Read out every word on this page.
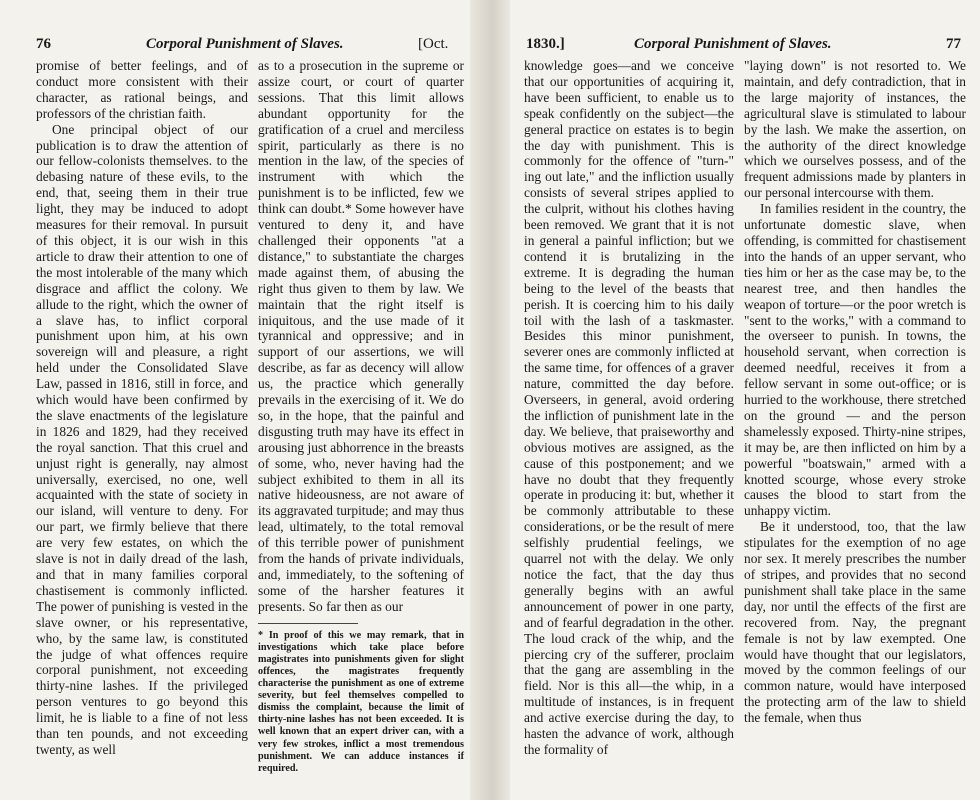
76	Corporal Punishment of Slaves.	[Oct.

promise of better feelings, and of conduct more consistent with their character, as rational beings, and professors of the christian faith.

One principal object of our publication is to draw the attention of our fellow-colonists themselves. to the debasing nature of these evils, to the end, that, seeing them in their true light, they may be induced to adopt measures for their removal. In pursuit of this object, it is our wish in this article to draw their attention to one of the most intolerable of the many which disgrace and afflict the colony. We allude to the right, which the owner of a slave has, to inflict corporal punishment upon him, at his own sovereign will and pleasure, a right held under the Consolidated Slave Law, passed in 1816, still in force, and which would have been confirmed by the slave enactments of the legislature in 1826 and 1829, had they received the royal sanction. That this cruel and unjust right is generally, nay almost universally, exercised, no one, well acquainted with the state of society in our island, will venture to deny. For our part, we firmly believe that there are very few estates, on which the slave is not in daily dread of the lash, and that in many families corporal chastisement is commonly inflicted. The power of punishing is vested in the slave owner, or his representative, who, by the same law, is constituted the judge of what offences require corporal punishment, not exceeding thirty-nine lashes. If the privileged person ventures to go beyond this limit, he is liable to a fine of not less than ten pounds, and not exceeding twenty, as well

as to a prosecution in the supreme or assize court, or court of quarter sessions. That this limit allows abundant opportunity for the gratification of a cruel and merciless spirit, particularly as there is no mention in the law, of the species of instrument with which the punishment is to be inflicted, few we think can doubt.* Some however have ventured to deny it, and have challenged their opponents "at a distance," to substantiate the charges made against them, of abusing the right thus given to them by law. We maintain that the right itself is iniquitous, and the use made of it tyrannical and oppressive; and in support of our assertions, we will describe, as far as decency will allow us, the practice which generally prevails in the exercising of it. We do so, in the hope, that the painful and disgusting truth may have its effect in arousing just abhorrence in the breasts of some, who, never having had the subject exhibited to them in all its native hideousness, are not aware of its aggravated turpitude; and may thus lead, ultimately, to the total removal of this terrible power of punishment from the hands of private individuals, and, immediately, to the softening of some of the harsher features it presents. So far then as our

* In proof of this we may remark, that in investigations which take place before magistrates into punishments given for slight offences, the magistrates frequently characterise the punishment as one of extreme severity, but feel themselves compelled to dismiss the complaint, because the limit of thirty-nine lashes has not been exceeded. It is well known that an expert driver can, with a very few strokes, inflict a most tremendous punishment. We can adduce instances if required.

1830.]	Corporal Punishment of Slaves.	77

knowledge goes—and we conceive that our opportunities of acquiring it, have been sufficient, to enable us to speak confidently on the subject—the general practice on estates is to begin the day with punishment. This is commonly for the offence of "turn-" ing out late," and the infliction usually consists of several stripes applied to the culprit, without his clothes having been removed. We grant that it is not in general a painful infliction; but we contend it is brutalizing in the extreme. It is degrading the human being to the level of the beasts that perish. It is coercing him to his daily toil with the lash of a taskmaster. Besides this minor punishment, severer ones are commonly inflicted at the same time, for offences of a graver nature, committed the day before. Overseers, in general, avoid ordering the infliction of punishment late in the day. We believe, that praiseworthy and obvious motives are assigned, as the cause of this postponement; and we have no doubt that they frequently operate in producing it: but, whether it be commonly attributable to these considerations, or be the result of mere selfishly prudential feelings, we quarrel not with the delay. We only notice the fact, that the day thus generally begins with an awful announcement of power in one party, and of fearful degradation in the other. The loud crack of the whip, and the piercing cry of the sufferer, proclaim that the gang are assembling in the field. Nor is this all—the whip, in a multitude of instances, is in frequent and active exercise during the day, to hasten the advance of work, although the formality of

"laying down" is not resorted to. We maintain, and defy contradiction, that in the large majority of instances, the agricultural slave is stimulated to labour by the lash. We make the assertion, on the authority of the direct knowledge which we ourselves possess, and of the frequent admissions made by planters in our personal intercourse with them.

In families resident in the country, the unfortunate domestic slave, when offending, is committed for chastisement into the hands of an upper servant, who ties him or her as the case may be, to the nearest tree, and then handles the weapon of torture—or the poor wretch is "sent to the works," with a command to the overseer to punish. In towns, the household servant, when correction is deemed needful, receives it from a fellow servant in some out-office; or is hurried to the workhouse, there stretched on the ground — and the person shamelessly exposed. Thirty-nine stripes, it may be, are then inflicted on him by a powerful "boatswain," armed with a knotted scourge, whose every stroke causes the blood to start from the unhappy victim.

Be it understood, too, that the law stipulates for the exemption of no age nor sex. It merely prescribes the number of stripes, and provides that no second punishment shall take place in the same day, nor until the effects of the first are recovered from. Nay, the pregnant female is not by law exempted. One would have thought that our legislators, moved by the common feelings of our common nature, would have interposed the protecting arm of the law to shield the female, when thus
